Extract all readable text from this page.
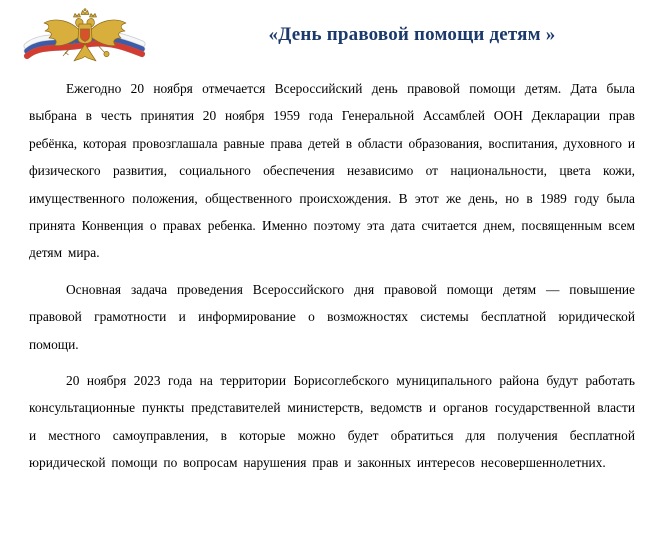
«День правовой помощи детям »

Ежегодно 20 ноября отмечается Всероссийский день правовой помощи детям. Дата была выбрана в честь принятия 20 ноября 1959 года Генеральной Ассамблей ООН Декларации прав ребёнка, которая провозглашала равные права детей в области образования, воспитания, духовного и физического развития, социального обеспечения независимо от национальности, цвета кожи, имущественного положения, общественного происхождения. В этот же день, но в 1989 году была принята Конвенция о правах ребенка. Именно поэтому эта дата считается днем, посвященным всем детям мира.

Основная задача проведения Всероссийского дня правовой помощи детям — повышение правовой грамотности и информирование о возможностях системы бесплатной юридической помощи.

20 ноября 2023 года на территории Борисоглебского муниципального района будут работать консультационные пункты представителей министерств, ведомств и органов государственной власти и местного самоуправления, в которые можно будет обратиться для получения бесплатной юридической помощи по вопросам нарушения прав и законных интересов несовершеннолетних.
